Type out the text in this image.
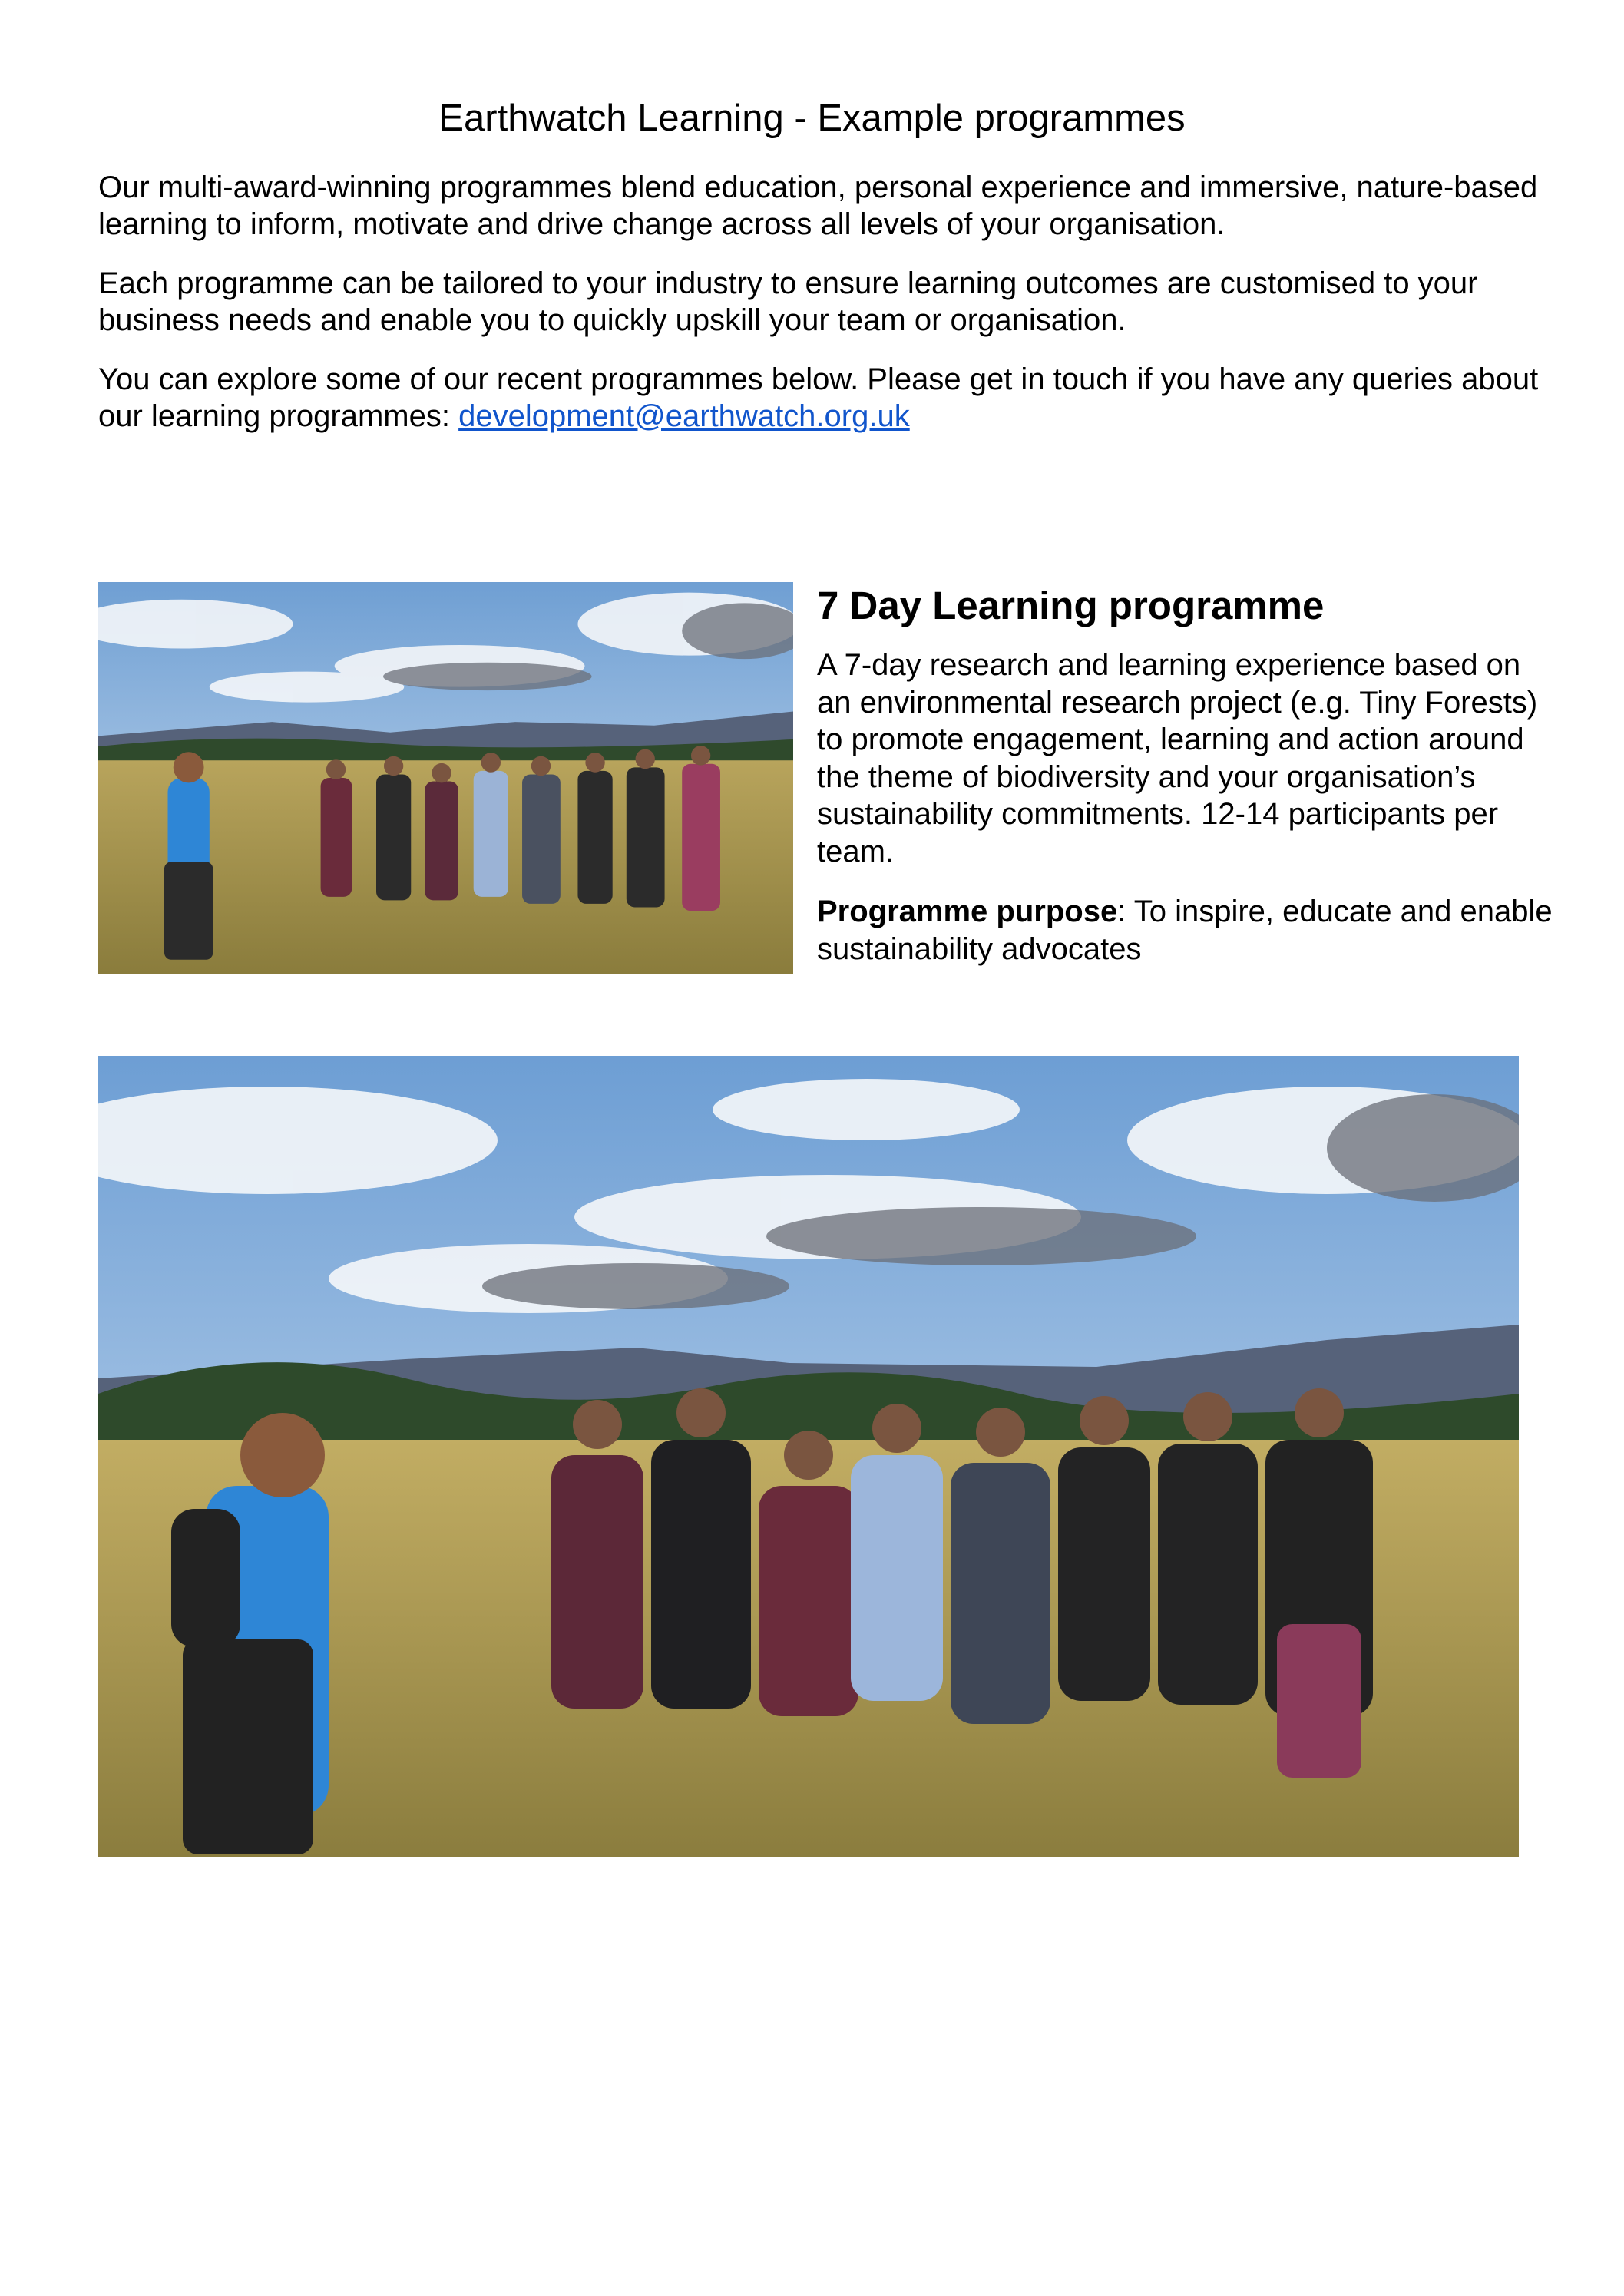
Earthwatch Learning - Example programmes

Our multi-award-winning programmes blend education, personal experience and immersive, nature-based learning to inform, motivate and drive change across all levels of your organisation.

Each programme can be tailored to your industry to ensure learning outcomes are customised to your business needs and enable you to quickly upskill your team or organisation.

You can explore some of our recent programmes below. Please get in touch if you have any queries about our learning programmes: development@earthwatch.org.uk

7 Day Learning programme

A 7-day research and learning experience based on an environmental research project (e.g. Tiny Forests) to promote engagement, learning and action around the theme of biodiversity and your organisation’s sustainability commitments. 12-14 participants per team.

Programme purpose: To inspire, educate and enable sustainability advocates
